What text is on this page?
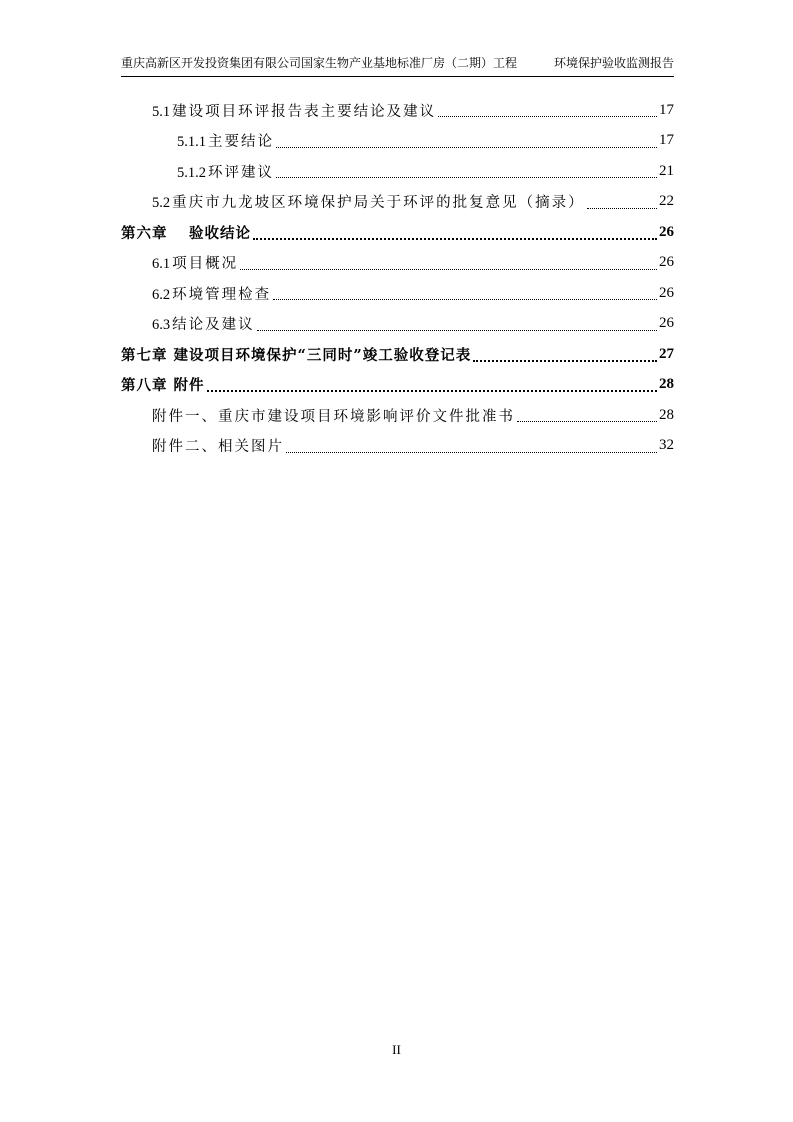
重庆高新区开发投资集团有限公司国家生物产业基地标准厂房（二期）工程	环境保护验收监测报告
5.1 建设项目环评报告表主要结论及建议	17
5.1.1 主要结论	17
5.1.2 环评建议	21
5.2 重庆市九龙坡区环境保护局关于环评的批复意见（摘录）	22
第六章　 验收结论	26
6.1 项目概况	26
6.2 环境管理检查	26
6.3 结论及建议	26
第七章 建设项目环境保护“三同时”竣工验收登记表	27
第八章 附件	28
附件一、重庆市建设项目环境影响评价文件批准书	28
附件二、相关图片	32
II
